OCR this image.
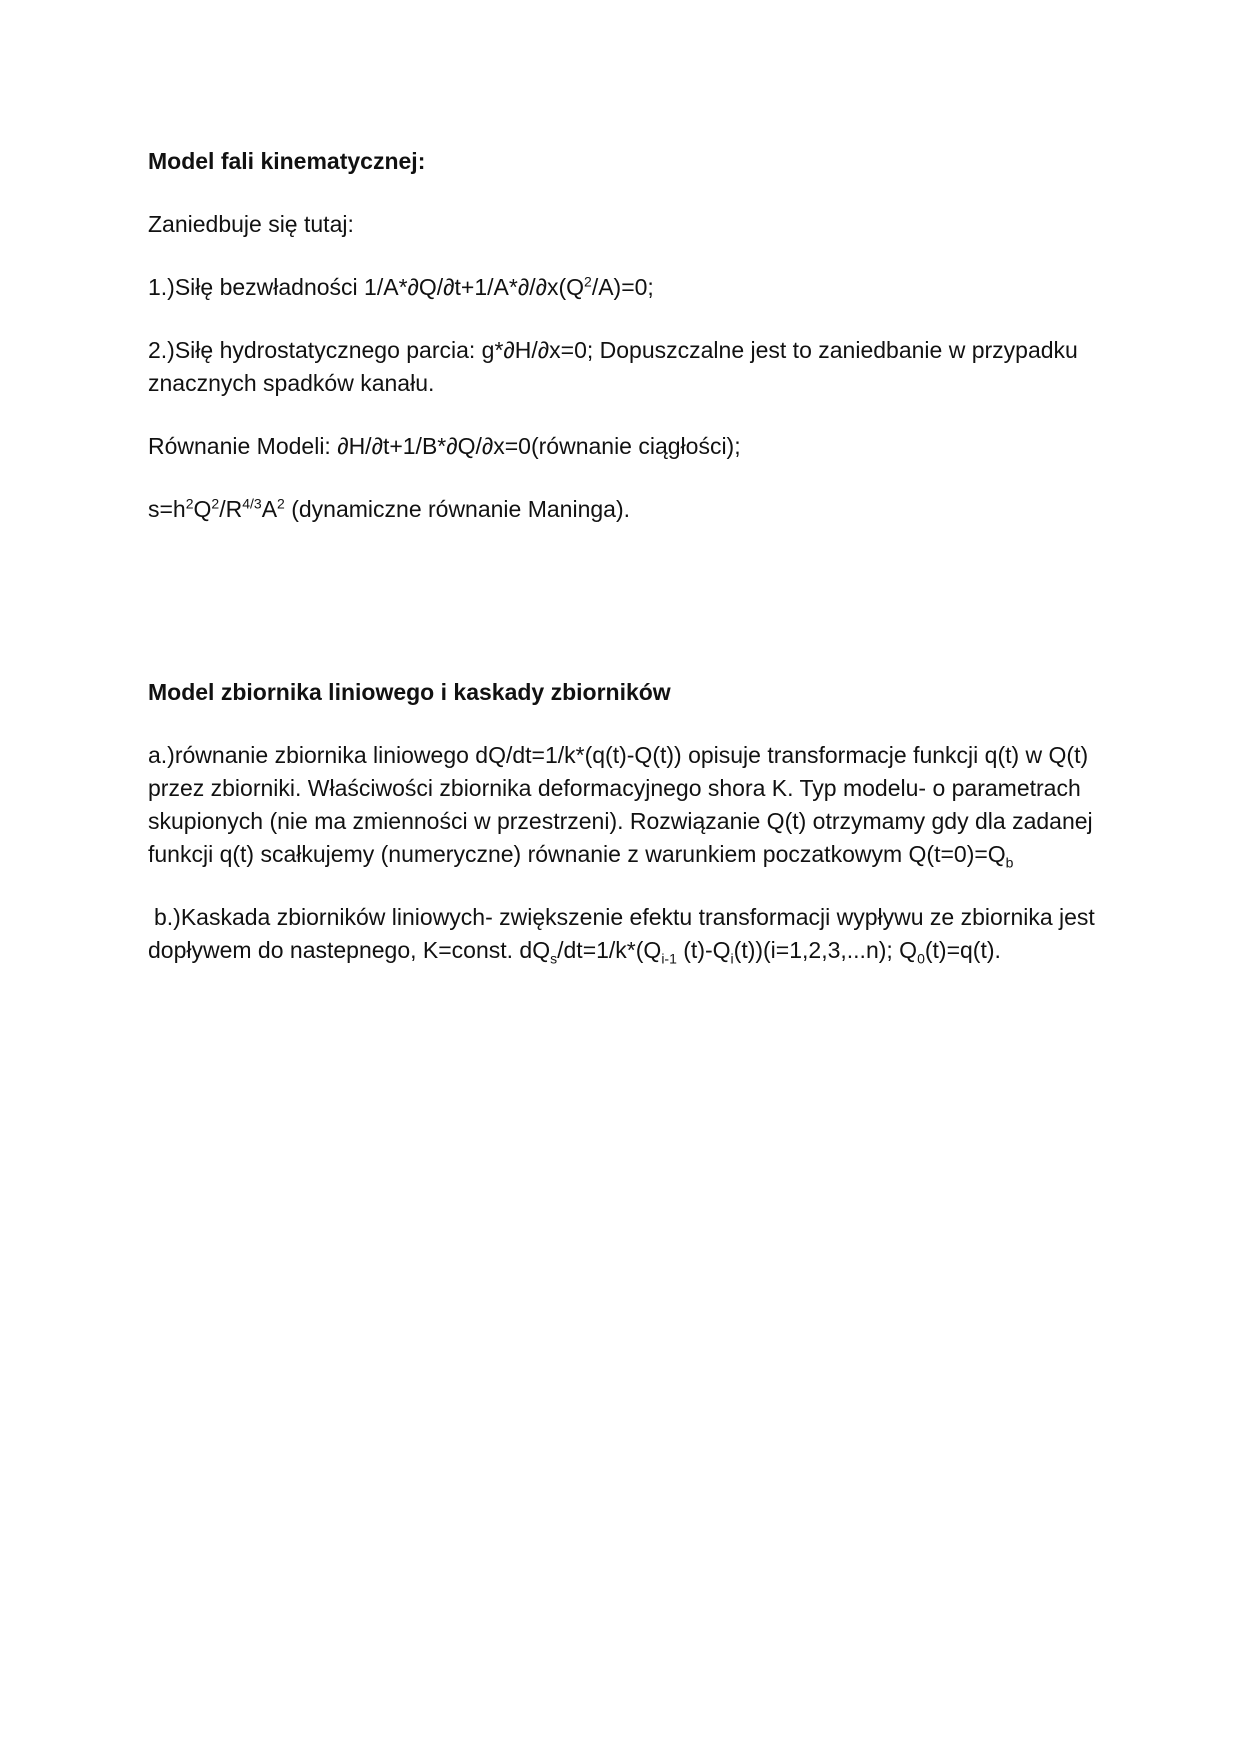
Model fali kinematycznej:

Zaniedbuje się tutaj:

1.)Siłę bezwładności $1/A*\partial Q/\partial t+1/A*\partial/\partial x(Q^2/A)=0$;

2.)Siłę hydrostatycznego parcia: g*∂H/∂x=0; Dopuszczalne jest to zaniedbanie w przypadku znacznych spadków kanału.

Równanie Modeli: ∂H/∂t+1/B*∂Q/∂x=0(równanie ciągłości);

$s=h^2Q^2/R^{4/3}A^2$ (dynamiczne równanie Maninga).

Model zbiornika liniowego i kaskady zbiorników

a.)równanie zbiornika liniowego dQ/dt=1/k*(q(t)-Q(t)) opisuje transformacje funkcji q(t) w Q(t) przez zbiorniki. Właściwości zbiornika deformacyjnego shora K. Typ modelu- o parametrach skupionych (nie ma zmienności w przestrzeni). Rozwiązanie Q(t) otrzymamy gdy dla zadanej funkcji q(t) scałkujemy (numeryczne) równanie z warunkiem poczatkowym $Q(t=0)=Q_b$

b.)Kaskada zbiorników liniowych- zwiększenie efektu transformacji wypływu ze zbiornika jest dopływem do nastepnego, K=const. $dQ_s/dt=1/k*(Q_{i-1}$ $(t)-Q_i(t))(i=1,2,3,...n)$; $Q_0(t)=q(t)$.
